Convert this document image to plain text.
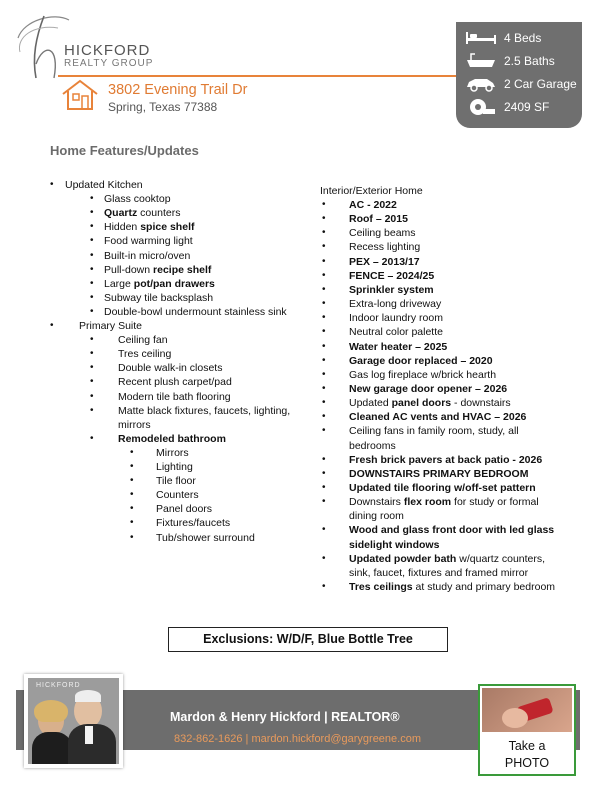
HICKFORD
REALTY GROUP
3802 Evening Trail Dr
Spring, Texas 77388
4 Beds
2.5 Baths
2 Car Garage
2409 SF
Home Features/Updates
• Updated Kitchen
• Glass cooktop
• Quartz counters
• Hidden spice shelf
• Food warming light
• Built-in micro/oven
• Pull-down recipe shelf
• Large pot/pan drawers
• Subway tile backsplash
• Double-bowl undermount stainless sink
• Primary Suite
• Ceiling fan
• Tres ceiling
• Double walk-in closets
• Recent plush carpet/pad
• Modern tile bath flooring
• Matte black fixtures, faucets, lighting,
mirrors
• Remodeled bathroom
• Mirrors
• Lighting
• Tile floor
• Counters
• Panel doors
• Fixtures/faucets
• Tub/shower surround
Interior/Exterior Home
• AC - 2022
• Roof – 2015
• Ceiling beams
• Recess lighting
• PEX – 2013/17
• FENCE – 2024/25
• Sprinkler system
• Extra-long driveway
• Indoor laundry room
• Neutral color palette
• Water heater – 2025
• Garage door replaced – 2020
• Gas log fireplace w/brick hearth
• New garage door opener – 2026
• Updated panel doors - downstairs
• Cleaned AC vents and HVAC – 2026
• Ceiling fans in family room, study, all
bedrooms
• Fresh brick pavers at back patio - 2026
• DOWNSTAIRS PRIMARY BEDROOM
• Updated tile flooring w/off-set pattern
• Downstairs flex room for study or formal
dining room
• Wood and glass front door with led glass
sidelight windows
• Updated powder bath w/quartz counters,
sink, faucet, fixtures and framed mirror
• Tres ceilings at study and primary bedroom
Exclusions: W/D/F, Blue Bottle Tree
HICKFORD
Mardon & Henry Hickford | REALTOR®
832-862-1626 | mardon.hickford@garygreene.com	Take a
PHOTO
